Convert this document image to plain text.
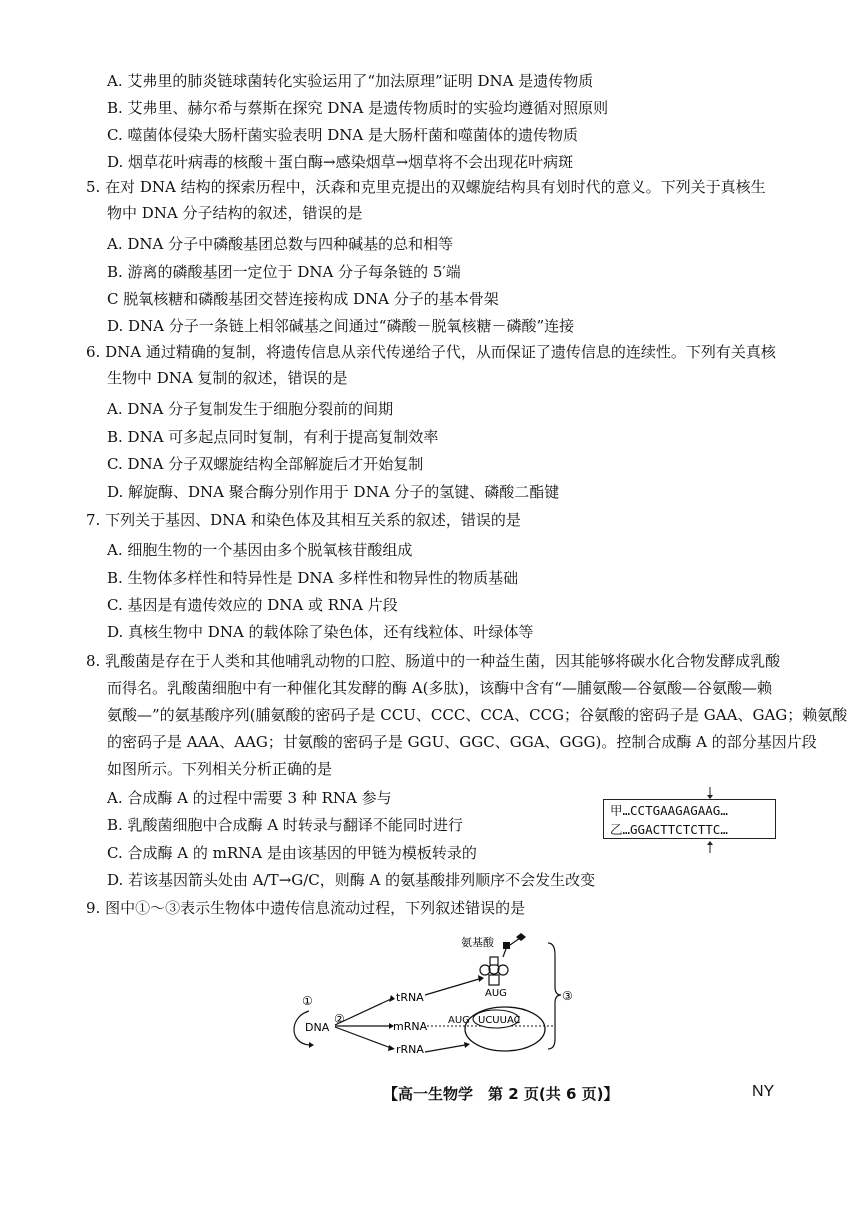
A. 艾弗里的肺炎链球菌转化实验运用了“加法原理”证明 DNA 是遗传物质
B. 艾弗里、赫尔希与蔡斯在探究 DNA 是遗传物质时的实验均遵循对照原则
C. 噬菌体侵染大肠杆菌实验表明 DNA 是大肠杆菌和噬菌体的遗传物质
D. 烟草花叶病毒的核酸＋蛋白酶→感染烟草→烟草将不会出现花叶病斑
5. 在对 DNA 结构的探索历程中，沃森和克里克提出的双螺旋结构具有划时代的意义。下列关于真核生
物中 DNA 分子结构的叙述，错误的是
A. DNA 分子中磷酸基团总数与四种碱基的总和相等
B. 游离的磷酸基团一定位于 DNA 分子每条链的 5′端
C 脱氧核糖和磷酸基团交替连接构成 DNA 分子的基本骨架
D. DNA 分子一条链上相邻碱基之间通过“磷酸－脱氧核糖－磷酸”连接
6. DNA 通过精确的复制，将遗传信息从亲代传递给子代，从而保证了遗传信息的连续性。下列有关真核
生物中 DNA 复制的叙述，错误的是
A. DNA 分子复制发生于细胞分裂前的间期
B. DNA 可多起点同时复制，有利于提高复制效率
C. DNA 分子双螺旋结构全部解旋后才开始复制
D. 解旋酶、DNA 聚合酶分别作用于 DNA 分子的氢键、磷酸二酯键
7. 下列关于基因、DNA 和染色体及其相互关系的叙述，错误的是
A. 细胞生物的一个基因由多个脱氧核苷酸组成
B. 生物体多样性和特异性是 DNA 多样性和物异性的物质基础
C. 基因是有遗传效应的 DNA 或 RNA 片段
D. 真核生物中 DNA 的载体除了染色体，还有线粒体、叶绿体等
8. 乳酸菌是存在于人类和其他哺乳动物的口腔、肠道中的一种益生菌，因其能够将碳水化合物发酵成乳酸
而得名。乳酸菌细胞中有一种催化其发酵的酶 A(多肽)，该酶中含有“—脯氨酸—谷氨酸—谷氨酸—赖
氨酸—”的氨基酸序列(脯氨酸的密码子是 CCU、CCC、CCA、CCG；谷氨酸的密码子是 GAA、GAG；赖氨酸
的密码子是 AAA、AAG；甘氨酸的密码子是 GGU、GGC、GGA、GGG)。控制合成酶 A 的部分基因片段
如图所示。下列相关分析正确的是
A. 合成酶 A 的过程中需要 3 种 RNA 参与
B. 乳酸菌细胞中合成酶 A 时转录与翻译不能同时进行
C. 合成酶 A 的 mRNA 是由该基因的甲链为模板转录的
D. 若该基因箭头处由 A/T→G/C，则酶 A 的氨基酸排列顺序不会发生改变
甲…CCTGAAGAGAAG…
乙…GGACTTCTCTTC…
9. 图中①～③表示生物体中遗传信息流动过程，下列叙述错误的是
氨基酸
AUG
①
DNA
②
tRNA
mRNA
rRNA
AUG UCUUAC
③
【高一生物学　第 2 页(共 6 页)】	NY
